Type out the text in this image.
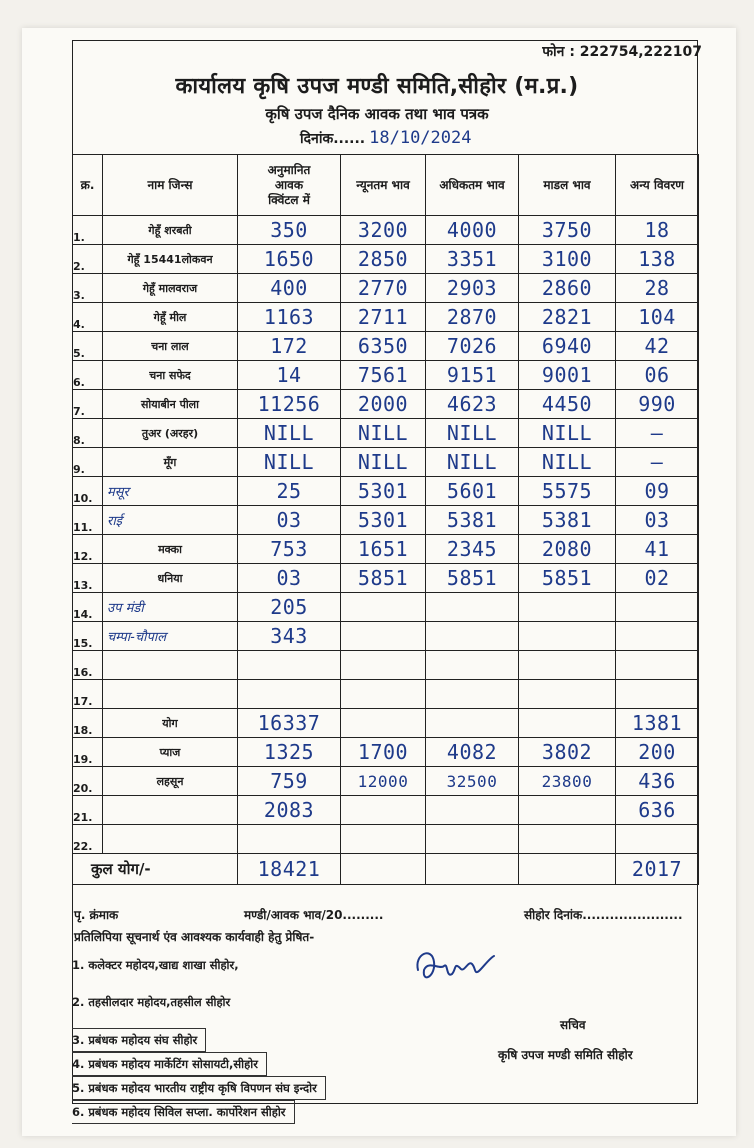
फोन : 222754,222107
कार्यालय कृषि उपज मण्डी समिति,सीहोर (म.प्र.)
कृषि उपज दैनिक आवक तथा भाव पत्रक
दिनांक...... 18/10/2024
क्र.	नाम जिन्स	अनुमानित
आवक
क्विंटल में	न्यूनतम भाव	अधिकतम भाव	माडल भाव	अन्य विवरण
1.	गेहूँ शरबती	350	3200	4000	3750	18
2.	गेहूँ 15441लोकवन	1650	2850	3351	3100	138
3.	गेहूँ मालवराज	400	2770	2903	2860	28
4.	गेहूँ मील	1163	2711	2870	2821	104
5.	चना लाल	172	6350	7026	6940	42
6.	चना सफेद	14	7561	9151	9001	06
7.	सोयाबीन पीला	11256	2000	4623	4450	990
8.	तुअर (अरहर)	NILL	NILL	NILL	NILL	—
9.	मूँग	NILL	NILL	NILL	NILL	—
10.	मसूर	25	5301	5601	5575	09
11.	राई	03	5301	5381	5381	03
12.	मक्का	753	1651	2345	2080	41
13.	धनिया	03	5851	5851	5851	02
14.	उप मंडी	205				
15.	चम्पा-चौपाल	343				
16.						
17.						
18.	योग	16337				1381
19.	प्याज	1325	1700	4082	3802	200
20.	लहसून	759	12000	32500	23800	436
21.		2083				636
22.						
कुल योग/-		18421				2017
पृ. क्रंमाक	मण्डी/आवक भाव/20.........	सीहोर दिनांक......................
प्रतिलिपिया सूचनार्थ एंव आवश्यक कार्यवाही हेतु प्रेषित-
1. कलेक्टर महोदय,खाद्य शाखा सीहोर,

2. तहसीलदार महोदय,तहसील सीहोर

3. प्रबंधक महोदय संघ सीहोर
4. प्रबंधक महोदय मार्केटिंग सोसायटी,सीहोर
5. प्रबंधक महोदय भारतीय राष्ट्रीय कृषि विपणन संघ इन्दोर
6. प्रबंधक महोदय सिविल सप्ला. कार्पोरेशन सीहोर

सचिव
कृषि उपज मण्डी समिति सीहोर
